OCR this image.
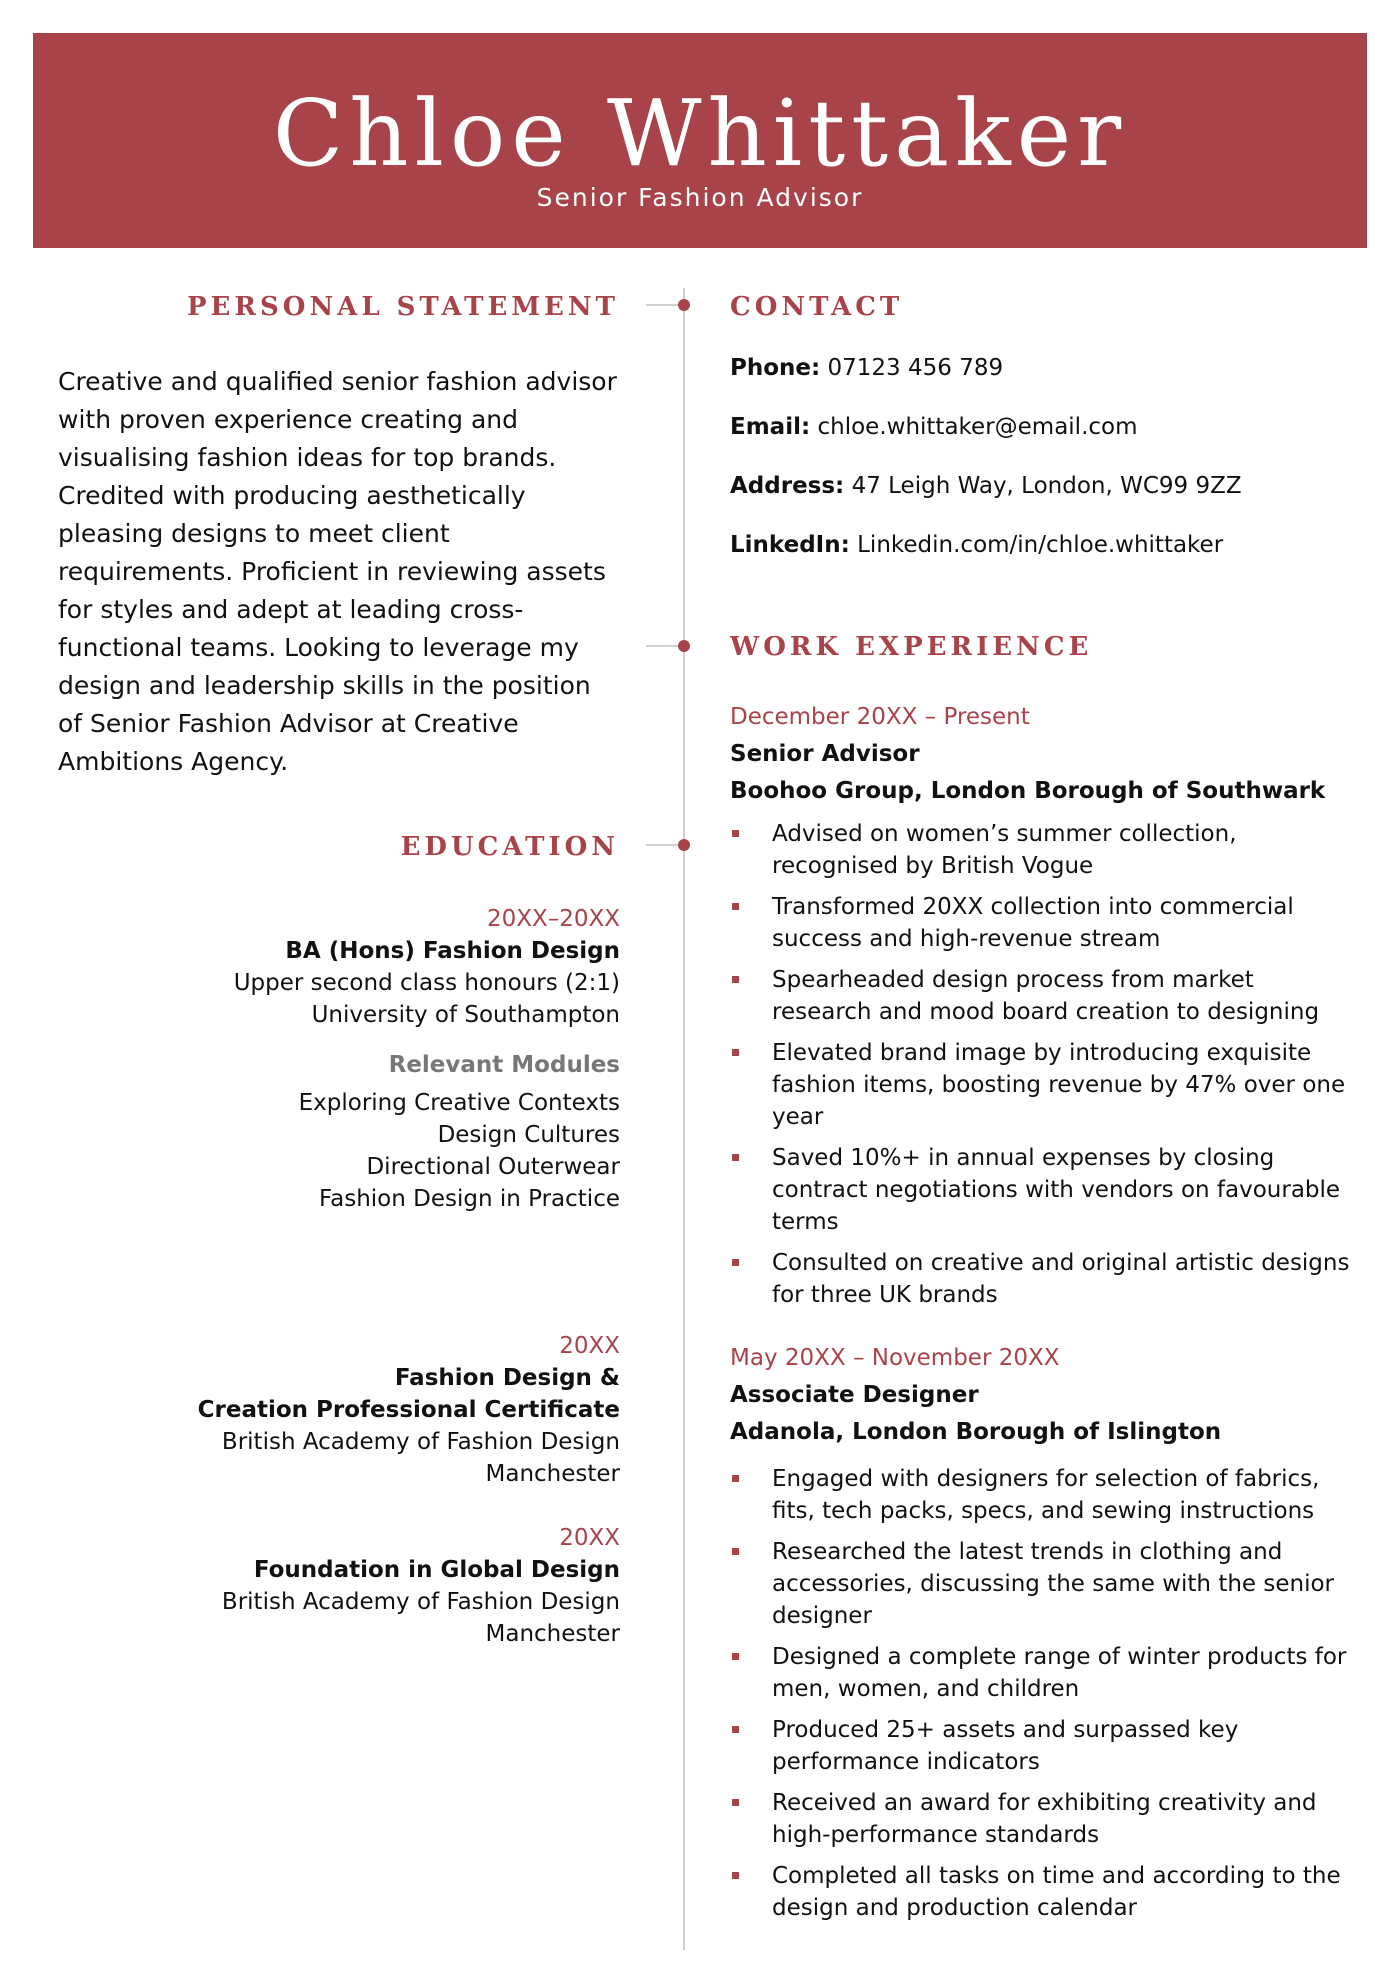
Chloe Whittaker
Senior Fashion Advisor
PERSONAL STATEMENT
EDUCATION
CONTACT
WORK EXPERIENCE
Creative and qualified senior fashion advisor with proven experience creating and visualising fashion ideas for top brands. Credited with producing aesthetically pleasing designs to meet client requirements. Proficient in reviewing assets for styles and adept at leading cross-functional teams. Looking to leverage my design and leadership skills in the position of Senior Fashion Advisor at Creative Ambitions Agency.
20XX–20XX
BA (Hons) Fashion Design
Upper second class honours (2:1)
University of Southampton
Relevant Modules
Exploring Creative Contexts
Design Cultures
Directional Outerwear
Fashion Design in Practice
20XX
Fashion Design &
Creation Professional Certificate
British Academy of Fashion Design
Manchester
20XX
Foundation in Global Design
British Academy of Fashion Design
Manchester
Phone: 07123 456 789
Email: chloe.whittaker@email.com
Address: 47 Leigh Way, London, WC99 9ZZ
LinkedIn: Linkedin.com/in/chloe.whittaker
December 20XX – Present
Senior Advisor
Boohoo Group, London Borough of Southwark
Advised on women’s summer collection, recognised by British Vogue
Transformed 20XX collection into commercial success and high-revenue stream
Spearheaded design process from market research and mood board creation to designing
Elevated brand image by introducing exquisite fashion items, boosting revenue by 47% over one year
Saved 10%+ in annual expenses by closing contract negotiations with vendors on favourable terms
Consulted on creative and original artistic designs for three UK brands
May 20XX – November 20XX
Associate Designer
Adanola, London Borough of Islington
Engaged with designers for selection of fabrics, fits, tech packs, specs, and sewing instructions
Researched the latest trends in clothing and accessories, discussing the same with the senior designer
Designed a complete range of winter products for men, women, and children
Produced 25+ assets and surpassed key performance indicators
Received an award for exhibiting creativity and high-performance standards
Completed all tasks on time and according to the design and production calendar
